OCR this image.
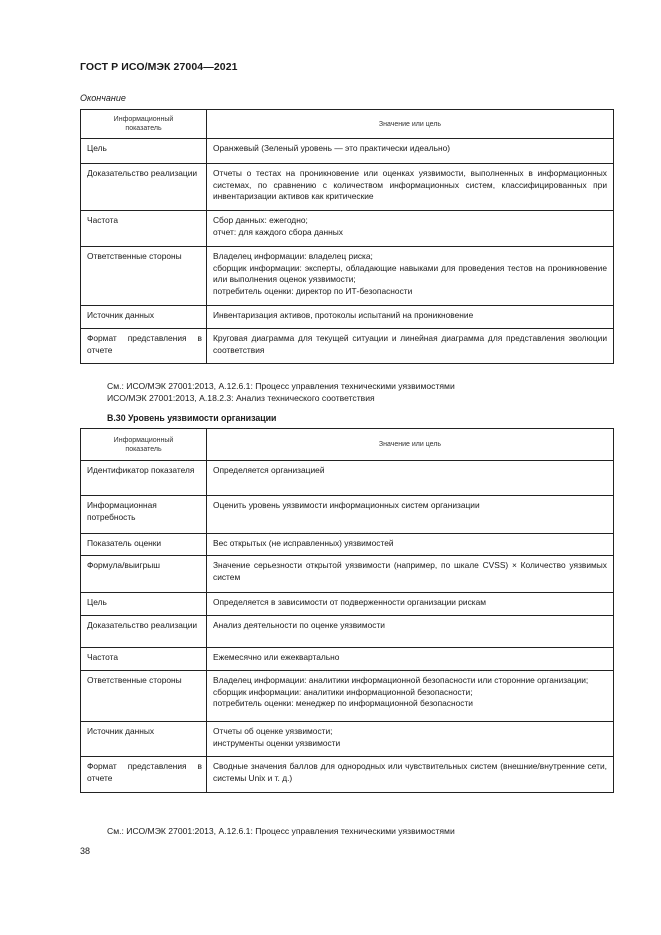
ГОСТ Р ИСО/МЭК 27004—2021
Окончание
Информационный
показатель	Значение или цель
Цель	Оранжевый (Зеленый уровень — это практически идеально)
Доказательство реализации	Отчеты о тестах на проникновение или оценках уязвимости, выполненных в информационных системах, по сравнению с количеством информационных систем, классифицированных при инвентаризации активов как критические
Частота	Сбор данных: ежегодно;
отчет: для каждого сбора данных

Ответственные стороны	Владелец информации: владелец риска;
сборщик информации: эксперты, обладающие навыками для проведения тестов на проникновение или выполнения оценок уязвимости;
потребитель оценки: директор по ИТ-безопасности

Источник данных	Инвентаризация активов, протоколы испытаний на проникновение
Формат представления в отчете	Круговая диаграмма для текущей ситуации и линейная диаграмма для представления эволюции соответствия
См.: ИСО/МЭК 27001:2013, А.12.6.1: Процесс управления техническими уязвимостями
ИСО/МЭК 27001:2013, А.18.2.3: Анализ технического соответствия
B.30 Уровень уязвимости организации
Информационный
показатель	Значение или цель
Идентификатор показателя	Определяется организацией
Информационная потребность	Оценить уровень уязвимости информационных систем организации
Показатель оценки	Вес открытых (не исправленных) уязвимостей
Формула/выигрыш	Значение серьезности открытой уязвимости (например, по шкале CVSS) × Количество уязвимых систем
Цель	Определяется в зависимости от подверженности организации рискам
Доказательство реализации	Анализ деятельности по оценке уязвимости
Частота	Ежемесячно или ежеквартально
Ответственные стороны	Владелец информации: аналитики информационной безопасности или сторонние организации;
сборщик информации: аналитики информационной безопасности;
потребитель оценки: менеджер по информационной безопасности

Источник данных	Отчеты об оценке уязвимости;
инструменты оценки уязвимости

Формат представления в отчете	Сводные значения баллов для однородных или чувствительных систем (внешние/внутренние сети, системы Unix и т. д.)
См.: ИСО/МЭК 27001:2013, А.12.6.1: Процесс управления техническими уязвимостями
38
